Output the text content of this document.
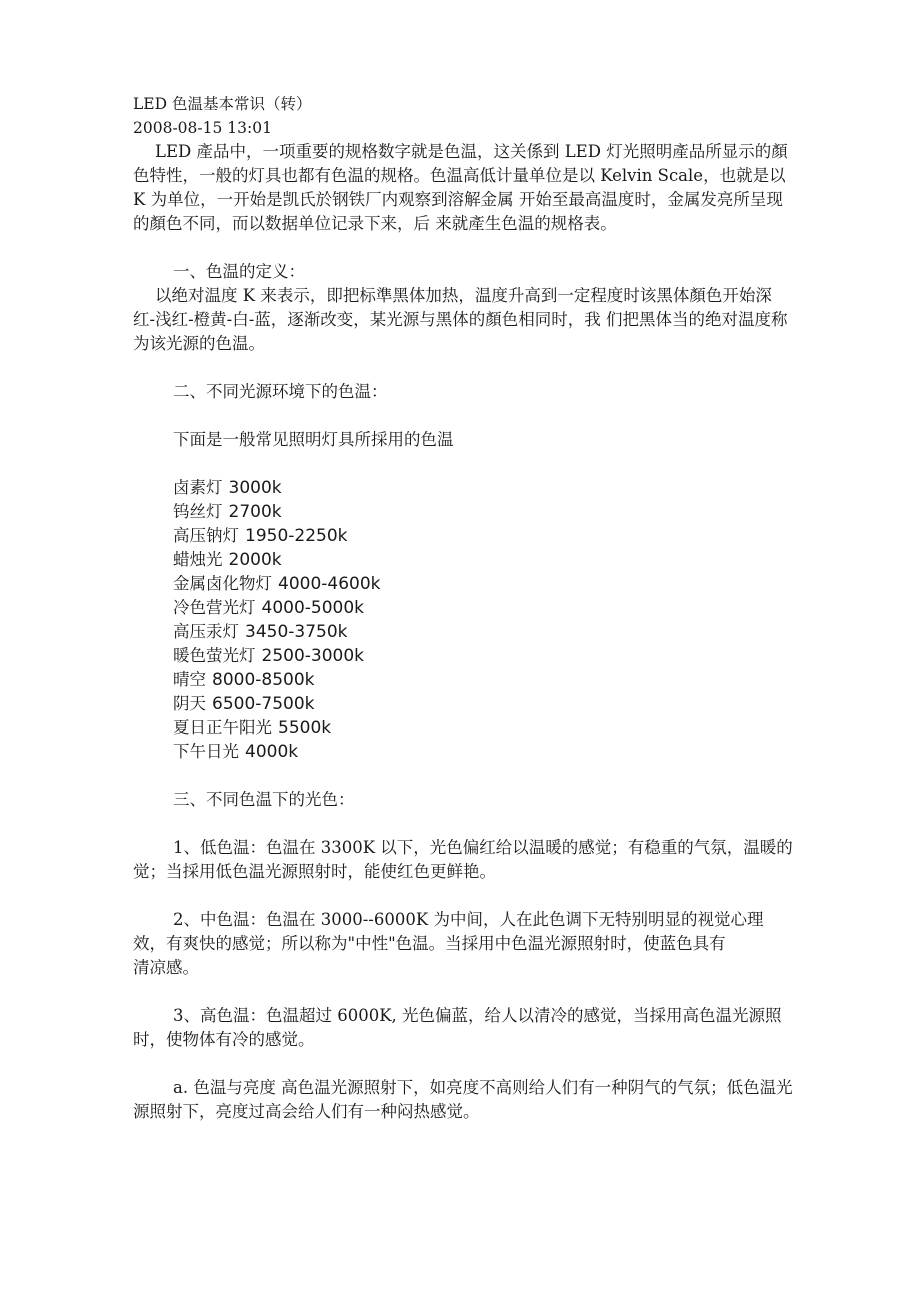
LED 色温基本常识（转）

2008-08-15 13:01

LED 產品中，一项重要的规格数字就是色温，这关係到 LED 灯光照明產品所显示的顏色特性，一般的灯具也都有色温的规格。色温高低计量单位是以 Kelvin Scale，也就是以 K 为单位，一开始是凯氏於钢铁厂内观察到溶解金属 开始至最高温度时，金属发亮所呈现的顏色不同，而以数据单位记录下来，后 来就產生色温的规格表。

一、色温的定义：

以绝对温度 K 来表示，即把标準黑体加热，温度升高到一定程度时该黑体顏色开始深红-浅红-橙黄-白-蓝，逐渐改变，某光源与黑体的顏色相同时，我 们把黑体当的绝对温度称为该光源的色温。

二、不同光源环境下的色温：

下面是一般常见照明灯具所採用的色温

卤素灯 3000k
钨丝灯 2700k
高压钠灯 1950-2250k
蜡烛光 2000k
金属卤化物灯 4000-4600k
冷色营光灯 4000-5000k
高压汞灯 3450-3750k
暖色萤光灯 2500-3000k
晴空 8000-8500k
阴天 6500-7500k
夏日正午阳光 5500k
下午日光 4000k

三、不同色温下的光色：

1、低色温：色温在 3300K 以下，光色偏红给以温暖的感觉；有稳重的气氛，温暖的觉；当採用低色温光源照射时，能使红色更鲜艳。

2、中色温：色温在 3000--6000K 为中间，人在此色调下无特别明显的视觉心理效，有爽快的感觉；所以称为"中性"色温。当採用中色温光源照射时，使蓝色具有

清凉感。

3、高色温：色温超过 6000K, 光色偏蓝，给人以清冷的感觉，当採用高色温光源照时，使物体有冷的感觉。

a. 色温与亮度 高色温光源照射下，如亮度不高则给人们有一种阴气的气氛；低色温光源照射下，亮度过高会给人们有一种闷热感觉。
